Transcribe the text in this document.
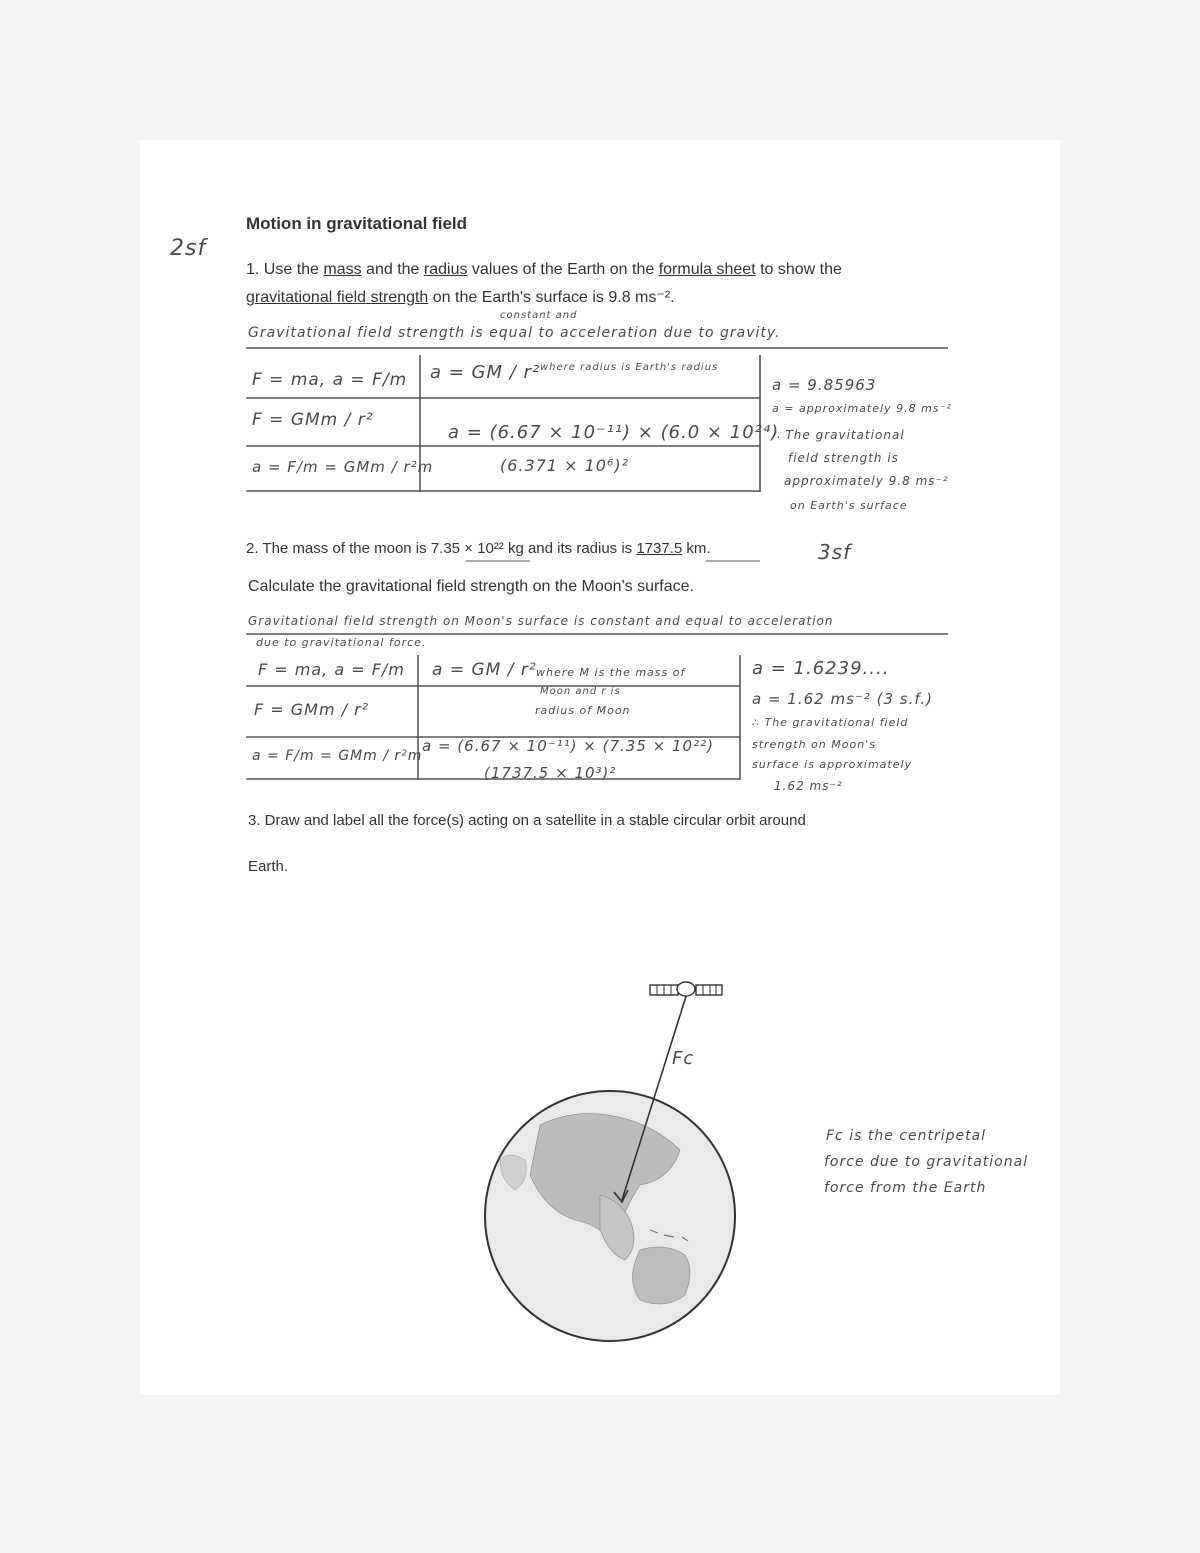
2sf
Motion in gravitational field
1. Use the mass and the radius values of the Earth on the formula sheet to show the
gravitational field strength on the Earth's surface is 9.8 ms⁻².
constant and
Gravitational field strength is equal to acceleration due to gravity.
F = ma, a = F/m
F = GMm / r²
a = F/m = GMm / r²m
a = GM / r² where radius is Earth's radius
a = (6.67 × 10⁻¹¹) × (6.0 × 10²⁴)
(6.371 × 10⁶)²
a = 9.85963
a = approximately 9.8 ms⁻²
∴ The gravitational
field strength is
approximately 9.8 ms⁻²
on Earth's surface
2. The mass of the moon is 7.35 × 10²² kg and its radius is 1737.5 km.	3sf
Calculate the gravitational field strength on the Moon's surface.
Gravitational field strength on Moon's surface is constant and equal to acceleration
due to gravitational force.
F = ma, a = F/m
F = GMm / r²
a = F/m = GMm / r²m
a = GM / r² where M is the mass of
Moon and r is
radius of Moon
a = (6.67 × 10⁻¹¹) × (7.35 × 10²²)
(1737.5 × 10³)²
a = 1.6239....
a = 1.62 ms⁻² (3 s.f.)
∴ The gravitational field
strength on Moon's
surface is approximately
1.62 ms⁻²
3. Draw and label all the force(s) acting on a satellite in a stable circular orbit around
Earth.
Fc
Fc is the centripetal
force due to gravitational
force from the Earth
